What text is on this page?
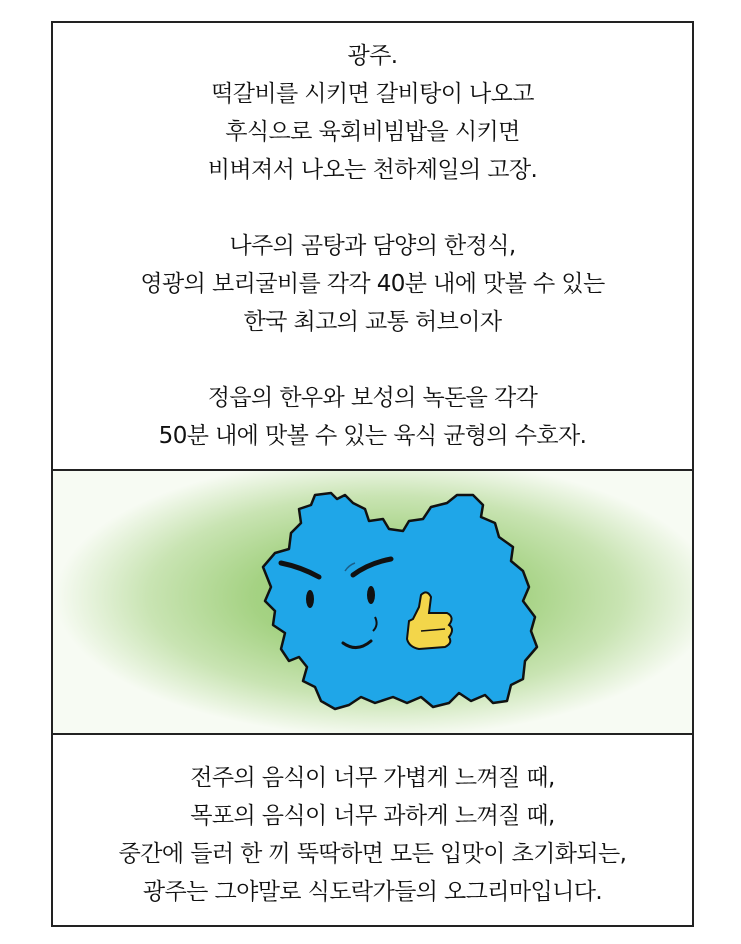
광주.

떡갈비를 시키면 갈비탕이 나오고

후식으로 육회비빔밥을 시키면

비벼져서 나오는 천하제일의 고장.

나주의 곰탕과 담양의 한정식,

영광의 보리굴비를 각각 40분 내에 맛볼 수 있는

한국 최고의 교통 허브이자

정읍의 한우와 보성의 녹돈을 각각

50분 내에 맛볼 수 있는 육식 균형의 수호자.

전주의 음식이 너무 가볍게 느껴질 때,

목포의 음식이 너무 과하게 느껴질 때,

중간에 들러 한 끼 뚝딱하면 모든 입맛이 초기화되는,

광주는 그야말로 식도락가들의 오그리마입니다.
